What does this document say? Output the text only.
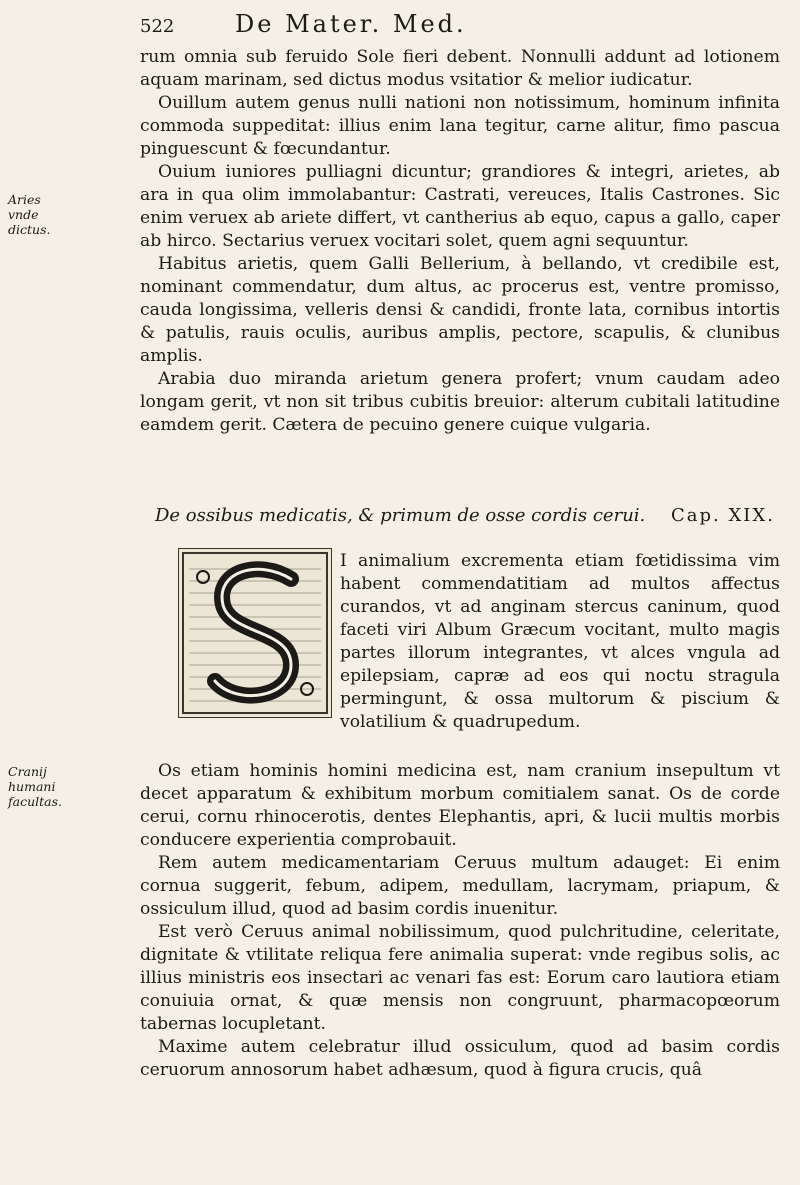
522	De Mater. Med.

rum omnia sub feruido Sole fieri debent. Nonnulli addunt ad lotionem aquam marinam, sed dictus modus vsitatior & melior iudicatur.

Ouillum autem genus nulli nationi non notissimum, hominum infinita commoda suppeditat: illius enim lana tegitur, carne alitur, fimo pascua pinguescunt & fœcundantur.

Ouium iuniores pulliagni dicuntur; grandiores & integri, arietes, ab ara in qua olim immolabantur: Castrati, vereuces, Italis Castrones. Sic enim veruex ab ariete differt, vt cantherius ab equo, capus a gallo, caper ab hirco. Sectarius veruex vocitari solet, quem agni sequuntur.

Habitus arietis, quem Galli Bellerium, à bellando, vt credibile est, nominant commendatur, dum altus, ac procerus est, ventre promisso, cauda longissima, velleris densi & candidi, fronte lata, cornibus intortis & patulis, rauis oculis, auribus amplis, pectore, scapulis, & clunibus amplis.

Arabia duo miranda arietum genera profert; vnum caudam adeo longam gerit, vt non sit tribus cubitis breuior: alterum cubitali latitudine eamdem gerit. Cætera de pecuino genere cuique vulgaria.

Aries vnde dictus.
De ossibus medicatis, & primum de osse cordis cerui. Cap. XIX.

I animalium excrementa etiam fœtidissima vim habent commendatitiam ad multos affectus curandos, vt ad anginam stercus caninum, quod faceti viri Album Græcum vocitant, multo magis partes illorum integrantes, vt alces vngula ad epilepsiam, capræ ad eos qui noctu stragula permingunt, & ossa multorum & piscium & volatilium & quadrupedum.

Cranij humani facultas.

Os etiam hominis homini medicina est, nam cranium insepultum vt decet apparatum & exhibitum morbum comitialem sanat. Os de corde cerui, cornu rhinocerotis, dentes Elephantis, apri, & lucii multis morbis conducere experientia comprobauit.

Rem autem medicamentariam Ceruus multum adauget: Ei enim cornua suggerit, febum, adipem, medullam, lacrymam, priapum, & ossiculum illud, quod ad basim cordis inuenitur.

Est verò Ceruus animal nobilissimum, quod pulchritudine, celeritate, dignitate & vtilitate reliqua fere animalia superat: vnde regibus solis, ac illius ministris eos insectari ac venari fas est: Eorum caro lautiora etiam conuiuia ornat, & quæ mensis non congruunt, pharmacopœorum tabernas locupletant.

Maxime autem celebratur illud ossiculum, quod ad basim cordis ceruorum annosorum habet adhæsum, quod à figura crucis, quâ
